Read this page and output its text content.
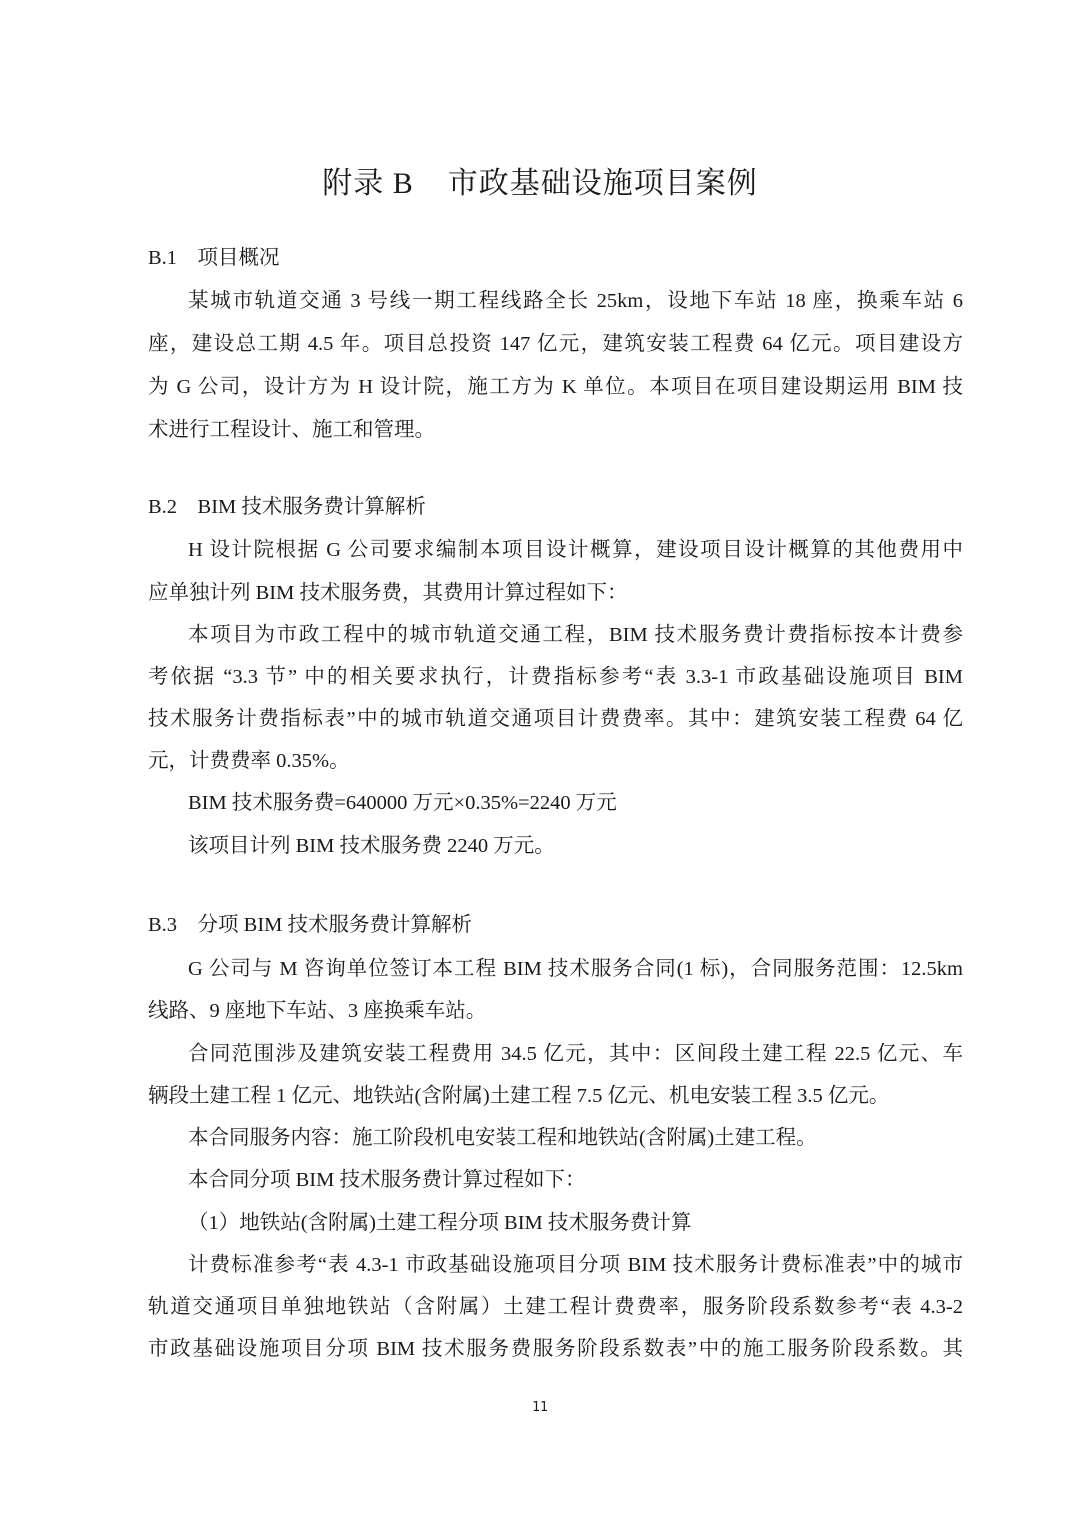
附录 B    市政基础设施项目案例
B.1    项目概况
某城市轨道交通 3 号线一期工程线路全长 25km，设地下车站 18 座，换乘车站 6
座，建设总工期 4.5 年。项目总投资 147 亿元，建筑安装工程费 64 亿元。项目建设方
为 G 公司，设计方为 H 设计院，施工方为 K 单位。本项目在项目建设期运用 BIM 技
术进行工程设计、施工和管理。
B.2    BIM 技术服务费计算解析
H 设计院根据 G 公司要求编制本项目设计概算，建设项目设计概算的其他费用中
应单独计列 BIM 技术服务费，其费用计算过程如下：
本项目为市政工程中的城市轨道交通工程，BIM 技术服务费计费指标按本计费参
考依据 “3.3 节” 中的相关要求执行，计费指标参考“表 3.3-1 市政基础设施项目 BIM
技术服务计费指标表”中的城市轨道交通项目计费费率。其中：建筑安装工程费 64 亿
元，计费费率 0.35%。
BIM 技术服务费=640000 万元×0.35%=2240 万元
该项目计列 BIM 技术服务费 2240 万元。
B.3    分项 BIM 技术服务费计算解析
G 公司与 M 咨询单位签订本工程 BIM 技术服务合同(1 标)，合同服务范围：12.5km
线路、9 座地下车站、3 座换乘车站。
合同范围涉及建筑安装工程费用 34.5 亿元，其中：区间段土建工程 22.5 亿元、车
辆段土建工程 1 亿元、地铁站(含附属)土建工程 7.5 亿元、机电安装工程 3.5 亿元。
本合同服务内容：施工阶段机电安装工程和地铁站(含附属)土建工程。
本合同分项 BIM 技术服务费计算过程如下：
（1）地铁站(含附属)土建工程分项 BIM 技术服务费计算
计费标准参考“表 4.3-1 市政基础设施项目分项 BIM 技术服务计费标准表”中的城市
轨道交通项目单独地铁站（含附属）土建工程计费费率，服务阶段系数参考“表 4.3-2
市政基础设施项目分项 BIM 技术服务费服务阶段系数表”中的施工服务阶段系数。其
11
